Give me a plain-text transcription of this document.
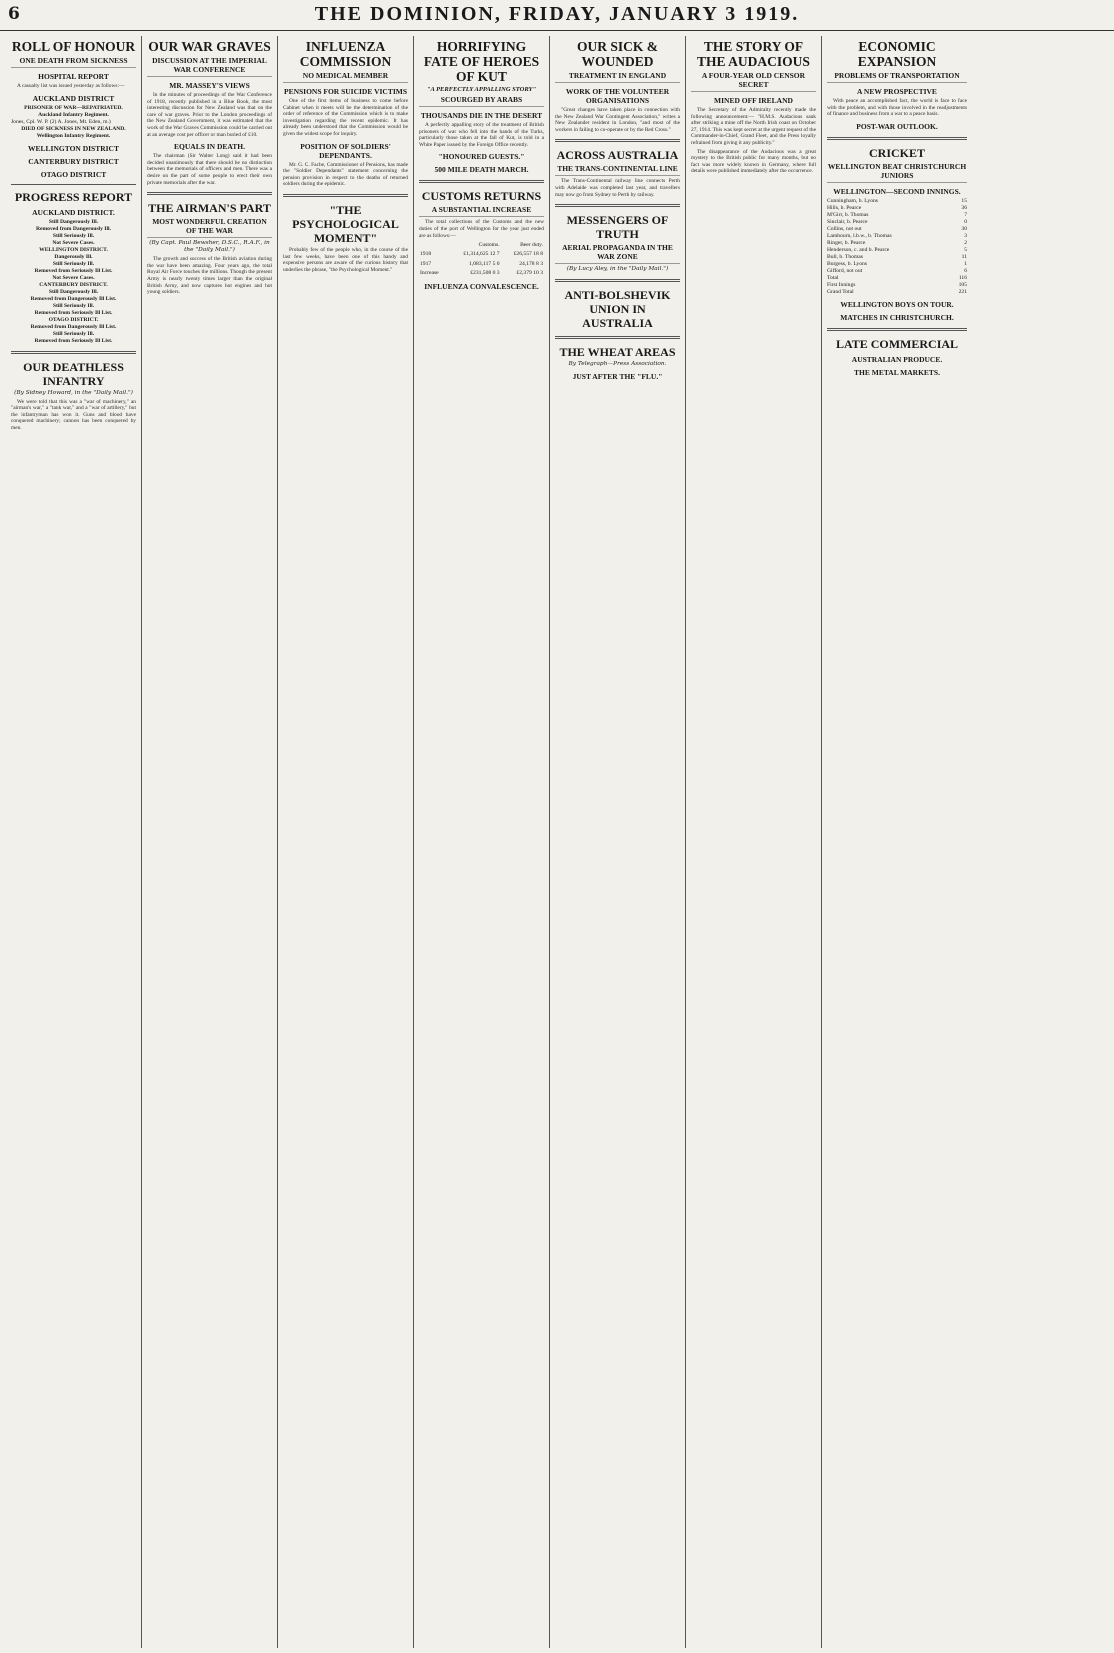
6	THE DOMINION, FRIDAY, JANUARY 3 1919.
ROLL OF HONOUR
ONE DEATH FROM SICKNESS
HOSPITAL REPORT

A casualty list was issued yesterday as follows:—

AUCKLAND DISTRICT
PRISONER OF WAR—REPATRIATED.
Auckland Infantry Regiment.
Jones, Cpl. W. P. (2) A. Jones, Mt. Eden, m.)
DIED OF SICKNESS IN NEW ZEALAND.
Wellington Infantry Regiment.
WELLINGTON DISTRICT
CANTERBURY DISTRICT
OTAGO DISTRICT
PROGRESS REPORT
AUCKLAND DISTRICT.
Still Dangerously Ill.
Removed from Dangerously Ill.
Still Seriously Ill.
Not Severe Cases.
WELLINGTON DISTRICT.
Dangerously Ill.
Still Seriously Ill.
Removed from Seriously Ill List.
Not Severe Cases.
CANTERBURY DISTRICT.
Still Dangerously Ill.
Removed from Dangerously Ill List.
Still Seriously Ill.
Removed from Seriously Ill List.
OTAGO DISTRICT.
Removed from Dangerously Ill List.
Still Seriously Ill.
Removed from Seriously Ill List.
OUR DEATHLESS INFANTRY
(By Sidney Howard, in the "Daily Mail.")

We were told that this was a "war of machinery," an "airman's war," a "tank war," and a "war of artillery," but the infantryman has won it. Guns and blood have conquered machinery; cannon has been conquered by men.

OUR WAR GRAVES
DISCUSSION AT THE IMPERIAL WAR CONFERENCE
MR. MASSEY'S VIEWS

In the minutes of proceedings of the War Conference of 1918, recently published in a Blue Book, the most interesting discussion for New Zealand was that on the care of war graves. Prior to the London proceedings of the New Zealand Government, it was estimated that the work of the War Graves Commission could be carried out at an average cost per officer or man buried of £10.

EQUALS IN DEATH.

The chairman (Sir Walter Long) said it had been decided unanimously that there should be no distinction between the memorials of officers and men. There was a desire on the part of some people to erect their own private memorials after the war.

THE AIRMAN'S PART
MOST WONDERFUL CREATION OF THE WAR
(By Capt. Paul Bewsher, D.S.C., R.A.F., in the "Daily Mail.")

The growth and success of the British aviation during the war have been amazing. Four years ago, the total Royal Air Force touches the millions. Though the present Army is nearly twenty times larger than the original British Army, and now captures hot engines and hot young soldiers.

INFLUENZA COMMISSION
NO MEDICAL MEMBER
PENSIONS FOR SUICIDE VICTIMS

One of the first items of business to come before Cabinet when it meets will be the determination of the order of reference of the Commission which is to make investigation regarding the recent epidemic. It has already been understood that the Commission would be given the widest scope for inquiry.

POSITION OF SOLDIERS' DEPENDANTS.

Mr. G. C. Fache, Commissioner of Pensions, has made the "Soldier Dependants" statement concerning the pension provision in respect to the deaths of returned soldiers during the epidemic.

"THE PSYCHOLOGICAL MOMENT"

Probably few of the people who, in the course of the last few weeks, have been one of this handy and expensive persons are aware of the curious history that underlies the phrase, "the Psychological Moment."

HORRIFYING FATE OF HEROES OF KUT
"A PERFECTLY APPALLING STORY"
SCOURGED BY ARABS
THOUSANDS DIE IN THE DESERT

A perfectly appalling story of the treatment of British prisoners of war who fell into the hands of the Turks, particularly those taken at the fall of Kut, is told in a White Paper issued by the Foreign Office recently.

"HONOURED GUESTS."
500 MILE DEATH MARCH.
CUSTOMS RETURNS
A SUBSTANTIAL INCREASE

The total collections of the Customs and the new duties of the port of Wellington for the year just ended are as follows:—

	Customs.	Beer duty.
1918	£1,314,625 12 7	£26,557 18 8
1917	1,083,117 5 0	24,178 8 3
Increase	£231,508 0 3	£2,379 10 3
INFLUENZA CONVALESCENCE.
OUR SICK & WOUNDED
TREATMENT IN ENGLAND
WORK OF THE VOLUNTEER ORGANISATIONS

"Great changes have taken place in connection with the New Zealand War Contingent Association," writes a New Zealander resident in London, "and most of the workers in failing to co-operate or by the Red Cross."

ACROSS AUSTRALIA
THE TRANS-CONTINENTAL LINE

The Trans-Continental railway line connects Perth with Adelaide was completed last year, and travellers may now go from Sydney to Perth by railway.

MESSENGERS OF TRUTH
AERIAL PROPAGANDA IN THE WAR ZONE
(By Lucy Aley, in the "Daily Mail.")
ANTI-BOLSHEVIK UNION IN AUSTRALIA
THE WHEAT AREAS
By Telegraph—Press Association.
JUST AFTER THE "FLU."
THE STORY OF THE AUDACIOUS
A FOUR-YEAR OLD CENSOR SECRET
MINED OFF IRELAND

The Secretary of the Admiralty recently made the following announcement:— "H.M.S. Audacious sank after striking a mine off the North Irish coast on October 27, 1914. This was kept secret at the urgent request of the Commander-in-Chief, Grand Fleet, and the Press loyally refrained from giving it any publicity."

The disappearance of the Audacious was a great mystery to the British public for many months, but no fact was more widely known in Germany, where full details were published immediately after the occurrence.

ECONOMIC EXPANSION
PROBLEMS OF TRANSPORTATION
A NEW PROSPECTIVE

With peace an accomplished fact, the world is face to face with the problem, and with those involved in the readjustments of finance and business from a war to a peace basis.

POST-WAR OUTLOOK.
CRICKET
WELLINGTON BEAT CHRISTCHURCH JUNIORS
WELLINGTON—SECOND INNINGS.
Cunningham, b. Lyons	15
Hills, b. Pearce	36
M'Girr, b. Thomas	7
Sinclair, b. Pearce	0
Collins, not out	30
Lambourn, l.b.w., b. Thomas	3
Ringer, b. Pearce	2
Henderson, c. and b. Pearce	5
Bull, b. Thomas	11
Burgess, b. Lyons	1
Gifford, not out	6
Total	116
First Innings	105
Grand Total	221
WELLINGTON BOYS ON TOUR.
MATCHES IN CHRISTCHURCH.
LATE COMMERCIAL
AUSTRALIAN PRODUCE.
THE METAL MARKETS.
